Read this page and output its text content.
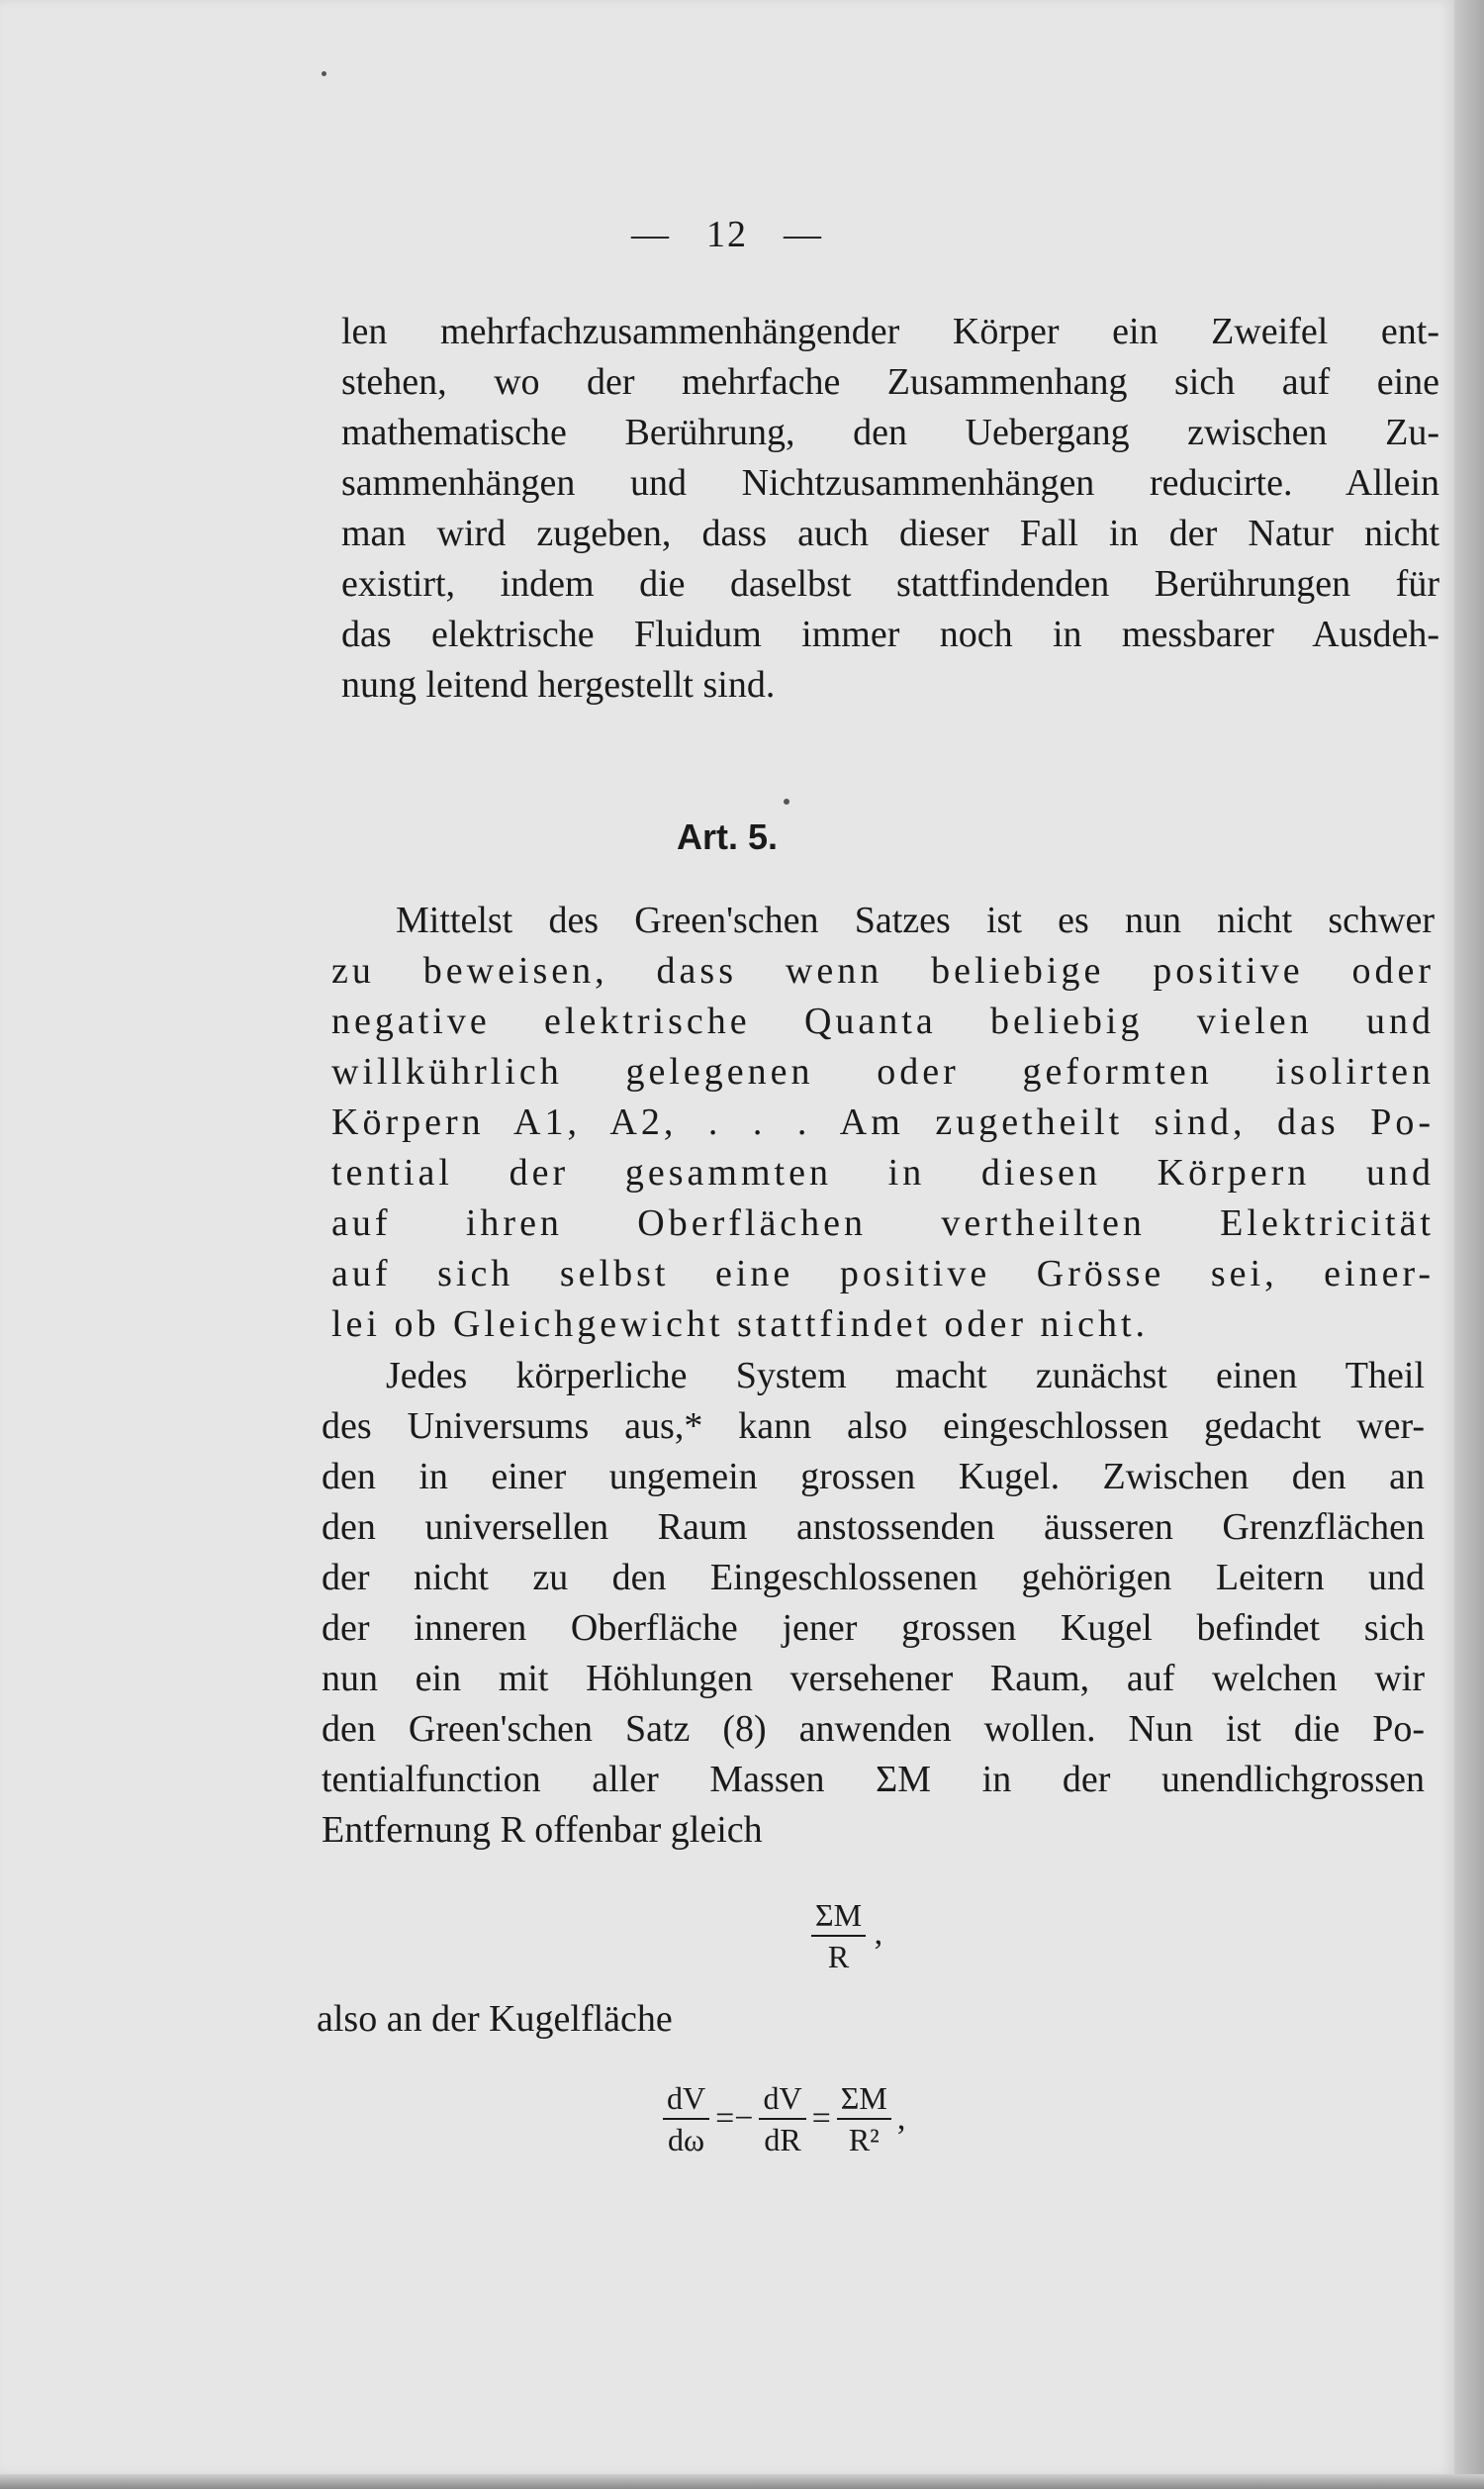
— 12 —
len mehrfachzusammenhängender Körper ein Zweifel ent-
stehen, wo der mehrfache Zusammenhang sich auf eine
mathematische Berührung, den Uebergang zwischen Zu-
sammenhängen und Nichtzusammenhängen reducirte. Allein
man wird zugeben, dass auch dieser Fall in der Natur nicht
existirt, indem die daselbst stattfindenden Berührungen für
das elektrische Fluidum immer noch in messbarer Ausdeh-
nung leitend hergestellt sind.
Art. 5.
Mittelst des Green'schen Satzes ist es nun nicht schwer
zu beweisen, dass wenn beliebige positive oder
negative elektrische Quanta beliebig vielen und
willkührlich gelegenen oder geformten isolirten
Körpern A1, A2, . . . Am zugetheilt sind, das Po-
tential der gesammten in diesen Körpern und
auf ihren Oberflächen vertheilten Elektricität
auf sich selbst eine positive Grösse sei, einer-
lei ob Gleichgewicht stattfindet oder nicht.
Jedes körperliche System macht zunächst einen Theil
des Universums aus,* kann also eingeschlossen gedacht wer-
den in einer ungemein grossen Kugel. Zwischen den an
den universellen Raum anstossenden äusseren Grenzflächen
der nicht zu den Eingeschlossenen gehörigen Leitern und
der inneren Oberfläche jener grossen Kugel befindet sich
nun ein mit Höhlungen versehener Raum, auf welchen wir
den Green'schen Satz (8) anwenden wollen. Nun ist die Po-
tentialfunction aller Massen ΣM in der unendlichgrossen
Entfernung R offenbar gleich
$\frac{\Sigma M}{R}$ ,
also an der Kugelfläche
$\frac{dV}{d\omega} =- \frac{dV}{dR} = \frac{\Sigma M}{\text{R²}}$ ,
